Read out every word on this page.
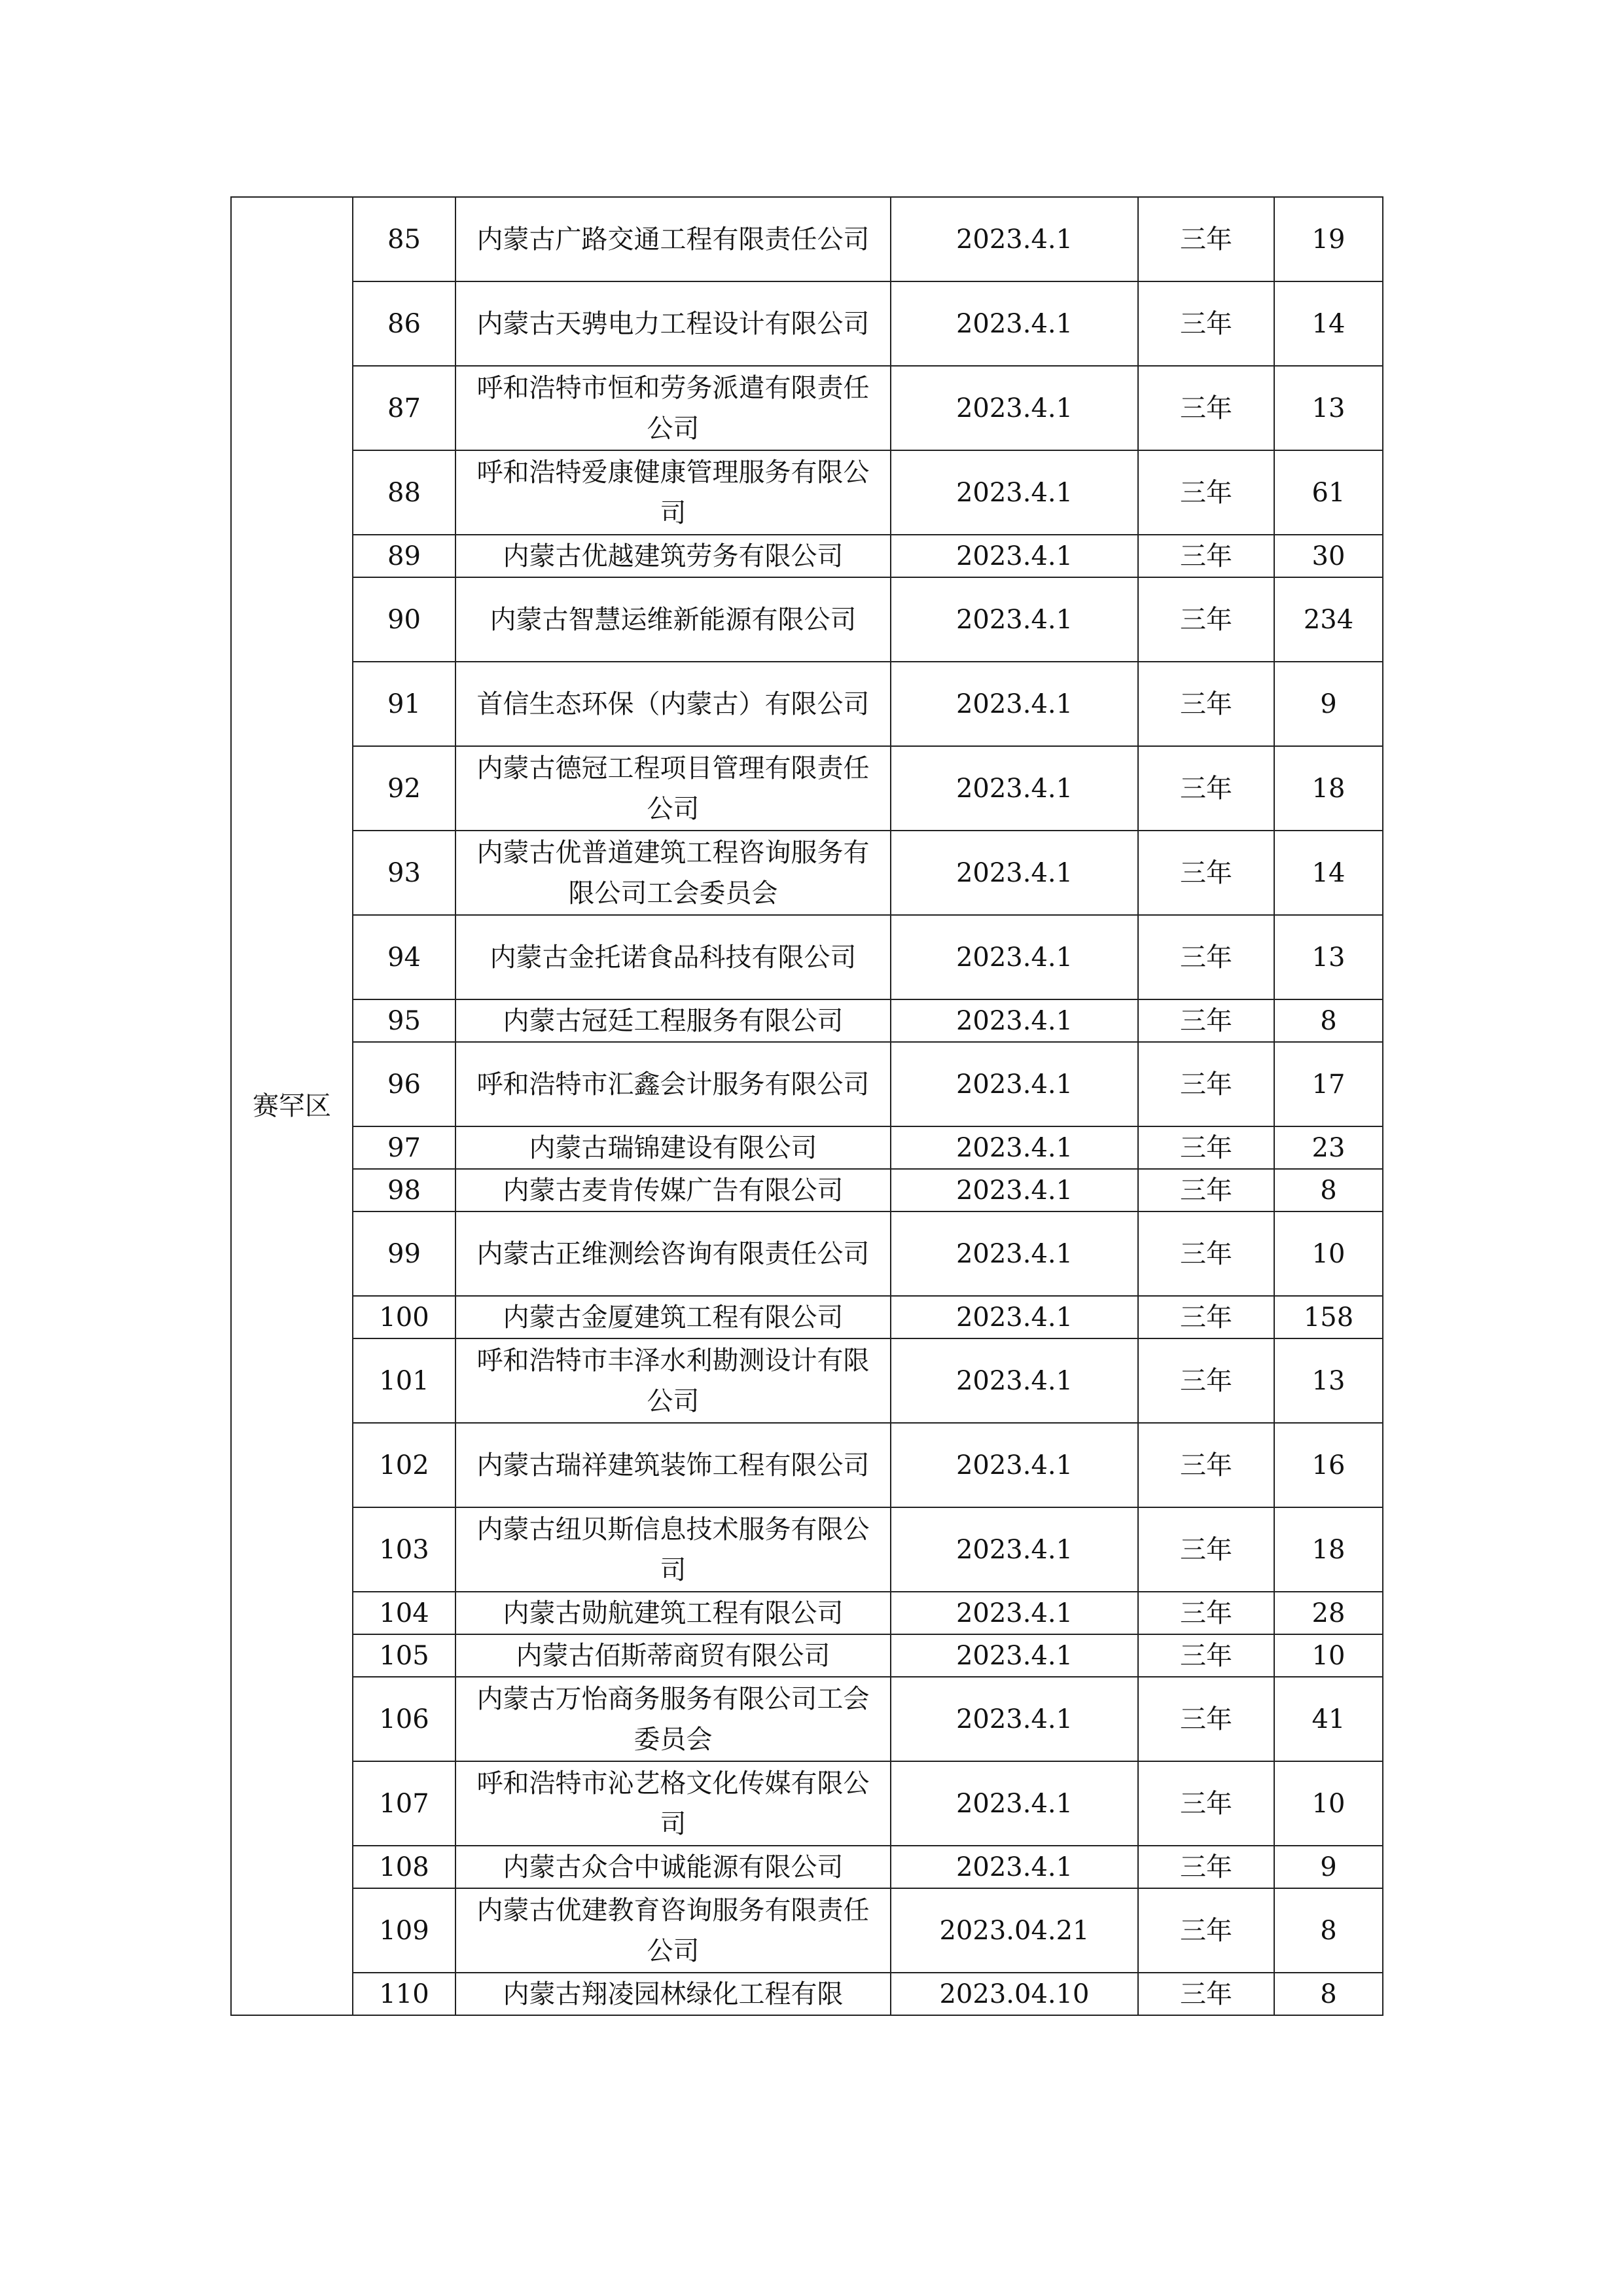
赛罕区	85	内蒙古广路交通工程有限责任公司	2023.4.1	三年	19
	86	内蒙古天骋电力工程设计有限公司	2023.4.1	三年	14
	87	呼和浩特市恒和劳务派遣有限责任公司	2023.4.1	三年	13
	88	呼和浩特爱康健康管理服务有限公司	2023.4.1	三年	61
	89	内蒙古优越建筑劳务有限公司	2023.4.1	三年	30
	90	内蒙古智慧运维新能源有限公司	2023.4.1	三年	234
	91	首信生态环保（内蒙古）有限公司	2023.4.1	三年	9
	92	内蒙古德冠工程项目管理有限责任公司	2023.4.1	三年	18
	93	内蒙古优普道建筑工程咨询服务有限公司工会委员会	2023.4.1	三年	14
	94	内蒙古金托诺食品科技有限公司	2023.4.1	三年	13
	95	内蒙古冠廷工程服务有限公司	2023.4.1	三年	8
	96	呼和浩特市汇鑫会计服务有限公司	2023.4.1	三年	17
	97	内蒙古瑞锦建设有限公司	2023.4.1	三年	23
	98	内蒙古麦肯传媒广告有限公司	2023.4.1	三年	8
	99	内蒙古正维测绘咨询有限责任公司	2023.4.1	三年	10
	100	内蒙古金厦建筑工程有限公司	2023.4.1	三年	158
	101	呼和浩特市丰泽水利勘测设计有限公司	2023.4.1	三年	13
	102	内蒙古瑞祥建筑装饰工程有限公司	2023.4.1	三年	16
	103	内蒙古纽贝斯信息技术服务有限公司	2023.4.1	三年	18
	104	内蒙古勋航建筑工程有限公司	2023.4.1	三年	28
	105	内蒙古佰斯蒂商贸有限公司	2023.4.1	三年	10
	106	内蒙古万怡商务服务有限公司工会委员会	2023.4.1	三年	41
	107	呼和浩特市沁艺格文化传媒有限公司	2023.4.1	三年	10
	108	内蒙古众合中诚能源有限公司	2023.4.1	三年	9
	109	内蒙古优建教育咨询服务有限责任公司	2023.04.21	三年	8
	110	内蒙古翔凌园林绿化工程有限	2023.04.10	三年	8
